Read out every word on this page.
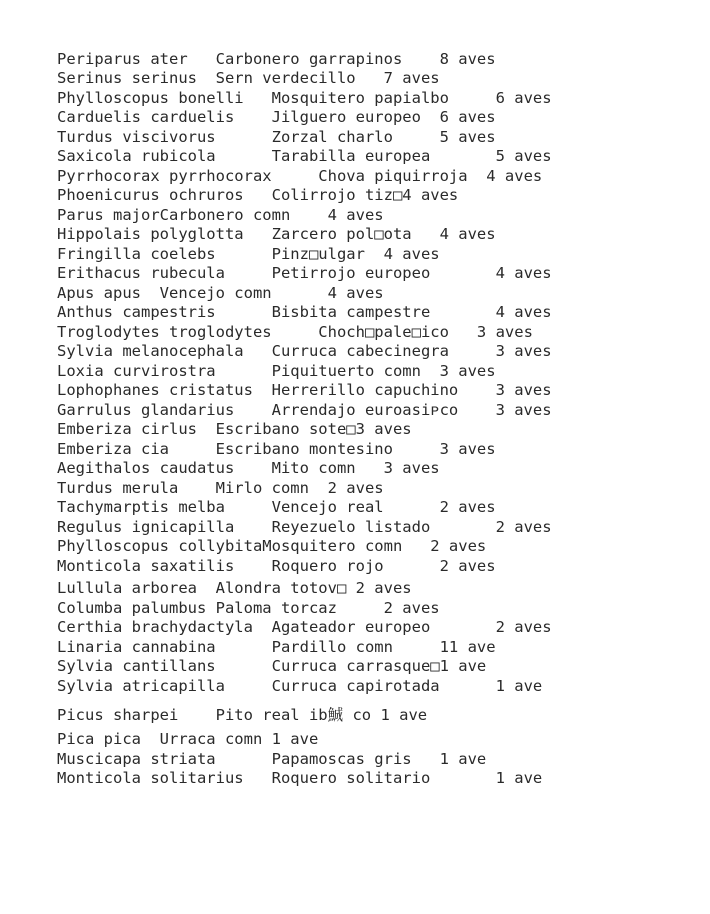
Periparus ater   Carbonero garrapinos    8 aves
Serinus serinus  Sern verdecillo   7 aves
Phylloscopus bonelli   Mosquitero papialbo     6 aves
Carduelis carduelis    Jilguero europeo  6 aves
Turdus viscivorus      Zorzal charlo     5 aves
Saxicola rubicola      Tarabilla europea       5 aves
Pyrrhocorax pyrrhocorax     Chova piquirroja  4 aves
Phoenicurus ochruros   Colirrojo tiz□4 aves
Parus majorCarbonero comn    4 aves
Hippolais polyglotta   Zarcero pol□ota   4 aves
Fringilla coelebs      Pinz□ulgar  4 aves
Erithacus rubecula     Petirrojo europeo       4 aves
Apus apus  Vencejo comn      4 aves
Anthus campestris      Bisbita campestre       4 aves
Troglodytes troglodytes     Choch□pale□ico   3 aves
Sylvia melanocephala   Curruca cabecinegra     3 aves
Loxia curvirostra      Piquituerto comn  3 aves
Lophophanes cristatus  Herrerillo capuchino    3 aves
Garrulus glandarius    Arrendajo euroasiᴘco    3 aves
Emberiza cirlus  Escribano sote□3 aves
Emberiza cia     Escribano montesino     3 aves
Aegithalos caudatus    Mito comn   3 aves
Turdus merula    Mirlo comn  2 aves
Tachymarptis melba     Vencejo real      2 aves
Regulus ignicapilla    Reyezuelo listado       2 aves
Phylloscopus collybitaMosquitero comn   2 aves
Monticola saxatilis    Roquero rojo      2 aves
Lullula arborea  Alondra totov□ 2 aves
Columba palumbus Paloma torcaz     2 aves
Certhia brachydactyla  Agateador europeo       2 aves
Linaria cannabina      Pardillo comn     11 ave
Sylvia cantillans      Curruca carrasque□1 ave
Sylvia atricapilla     Curruca capirotada      1 ave
Picus sharpei    Pito real ib鯎 co 1 ave
Pica pica  Urraca comn 1 ave
Muscicapa striata      Papamoscas gris   1 ave
Monticola solitarius   Roquero solitario       1 ave
